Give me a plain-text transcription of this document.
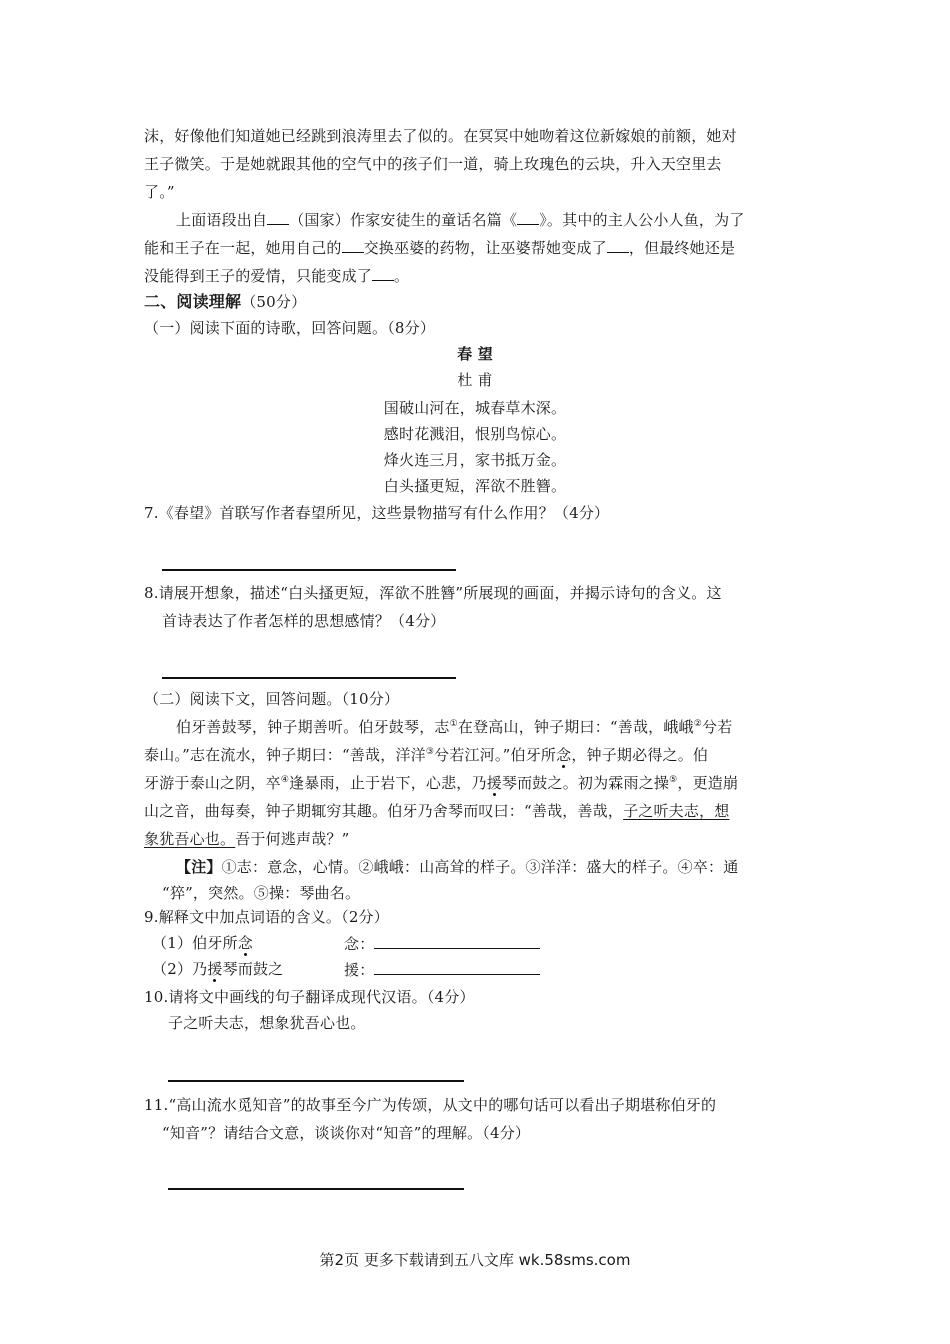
沫，好像他们知道她已经跳到浪涛里去了似的。在冥冥中她吻着这位新嫁娘的前额，她对
王子微笑。于是她就跟其他的空气中的孩子们一道，骑上玫瑰色的云块，升入天空里去
了。”
上面语段出自 （国家）作家安徒生的童话名篇《 》。其中的主人公小人鱼，为了
能和王子在一起，她用自己的 交换巫婆的药物，让巫婆帮她变成了 ，但最终她还是
没能得到王子的爱情，只能变成了 。
二、阅读理解（50分）
（一）阅读下面的诗歌，回答问题。（8分）
春 望
杜 甫
国破山河在，城春草木深。
感时花溅泪，恨别鸟惊心。
烽火连三月，家书抵万金。
白头搔更短，浑欲不胜簪。
7.《春望》首联写作者春望所见，这些景物描写有什么作用？（4分）
8.请展开想象，描述“白头搔更短，浑欲不胜簪”所展现的画面，并揭示诗句的含义。这
首诗表达了作者怎样的思想感情？（4分）
（二）阅读下文，回答问题。（10分）
伯牙善鼓琴，钟子期善听。伯牙鼓琴，志①在登高山，钟子期曰：“善哉，峨峨②兮若
泰山。”志在流水，钟子期曰：“善哉，洋洋③兮若江河。”伯牙所念，钟子期必得之。伯
牙游于泰山之阴，卒④逢暴雨，止于岩下，心悲，乃援琴而鼓之。初为霖雨之操⑤，更造崩
山之音，曲每奏，钟子期辄穷其趣。伯牙乃舍琴而叹曰：“善哉，善哉，子之听夫志，想
象犹吾心也。吾于何逃声哉？”
【注】①志：意念，心情。②峨峨：山高耸的样子。③洋洋：盛大的样子。④卒：通
“猝”，突然。⑤操：琴曲名。
9.解释文中加点词语的含义。（2分）
（1）伯牙所念	念：
（2）乃援琴而鼓之	援：
10.请将文中画线的句子翻译成现代汉语。（4分）
子之听夫志，想象犹吾心也。
11.“高山流水觅知音”的故事至今广为传颂，从文中的哪句话可以看出子期堪称伯牙的
“知音”？请结合文意，谈谈你对“知音”的理解。（4分）
第2页 更多下载请到五八文库 wk.58sms.com
